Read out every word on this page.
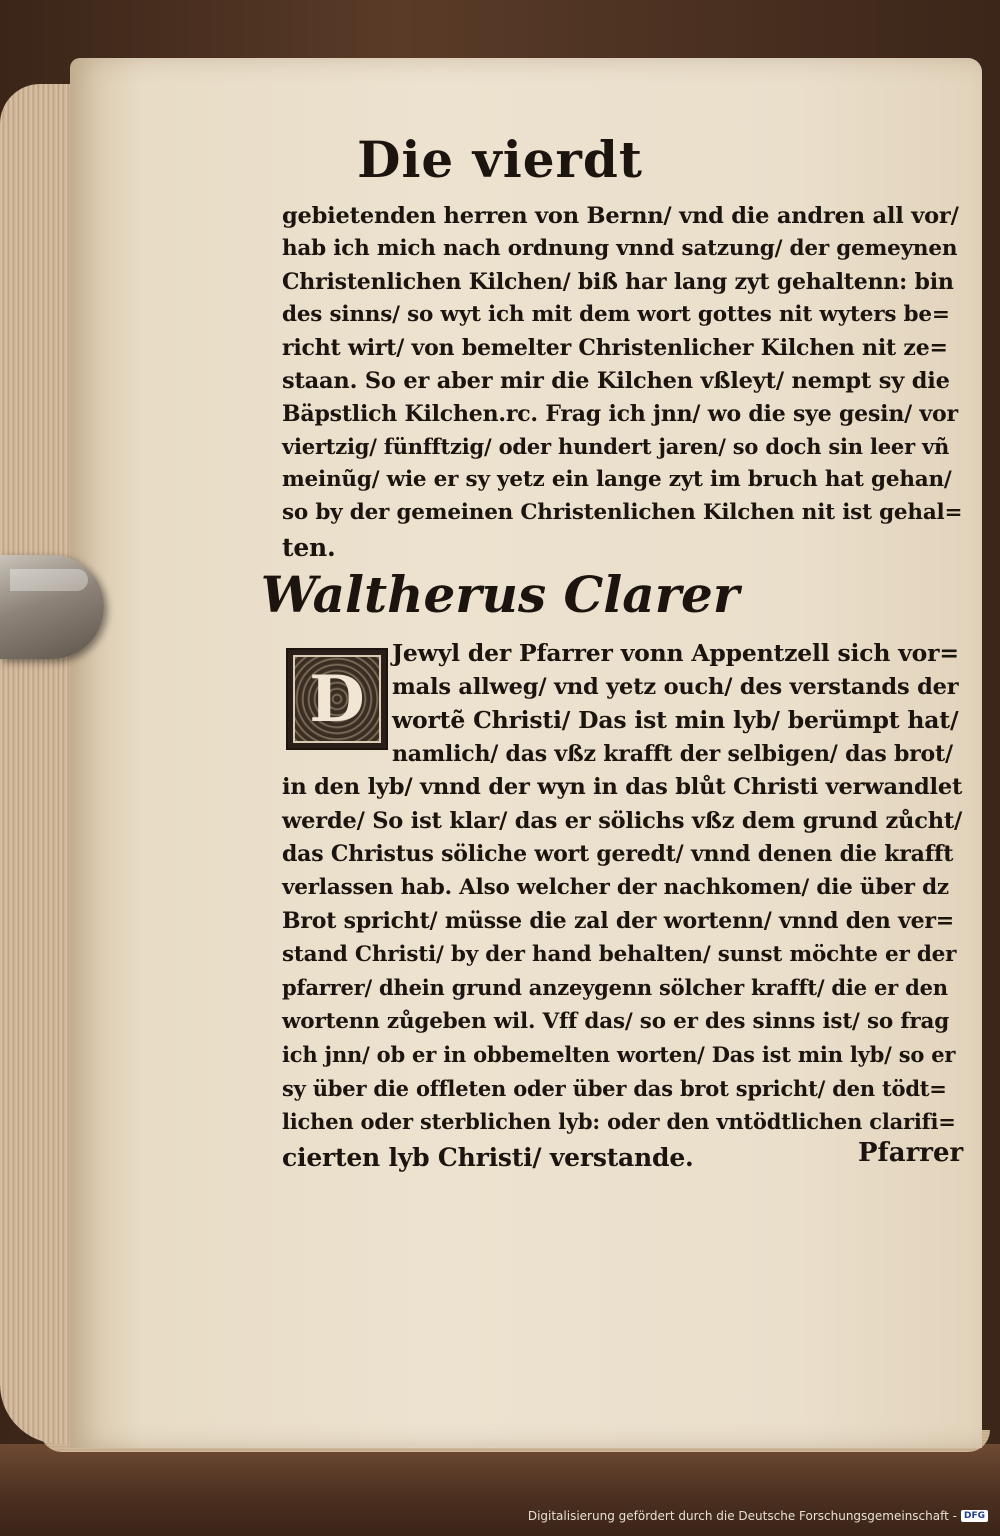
Die vierdt
gebietenden herren von Bernn/ vnd die andren all vor/
hab ich mich nach ordnung vnnd satzung/ der gemeynen
Christenlichen Kilchen/ biß har lang zyt gehaltenn: bin
des sinns/ so wyt ich mit dem wort gottes nit wyters be=
richt wirt/ von bemelter Christenlicher Kilchen nit ze=
staan. So er aber mir die Kilchen vßleyt/ nempt sy die
Bäpstlich Kilchen.rc. Frag ich jnn/ wo die sye gesin/ vor
viertzig/ fünfftzig/ oder hundert jaren/ so doch sin leer vñ
meinũg/ wie er sy yetz ein lange zyt im bruch hat gehan/
so by der gemeinen Christenlichen Kilchen nit ist gehal=
ten.
Waltherus Clarer
D
Jewyl der Pfarrer vonn Appentzell sich vor=
mals allweg/ vnd yetz ouch/ des verstands der
wortẽ Christi/ Das ist min lyb/ berümpt hat/
namlich/ das vßz krafft der selbigen/ das brot/
in den lyb/ vnnd der wyn in das blůt Christi verwandlet
werde/ So ist klar/ das er sölichs vßz dem grund zůcht/
das Christus söliche wort geredt/ vnnd denen die krafft
verlassen hab. Also welcher der nachkomen/ die über dz
Brot spricht/ müsse die zal der wortenn/ vnnd den ver=
stand Christi/ by der hand behalten/ sunst möchte er der
pfarrer/ dhein grund anzeygenn sölcher krafft/ die er den
wortenn zůgeben wil. Vff das/ so er des sinns ist/ so frag
ich jnn/ ob er in obbemelten worten/ Das ist min lyb/ so er
sy über die offleten oder über das brot spricht/ den tödt=
lichen oder sterblichen lyb: oder den vntödtlichen clarifi=
cierten lyb Christi/ verstande.	Pfarrer
Digitalisierung gefördert durch die Deutsche Forschungsgemeinschaft - DFG
